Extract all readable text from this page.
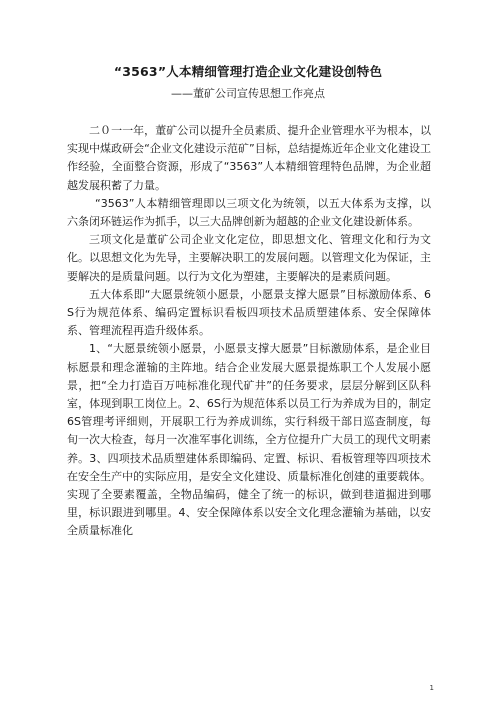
“3563”人本精细管理打造企业文化建设创特色

——董矿公司宣传思想工作亮点

二０一一年，董矿公司以提升全员素质、提升企业管理水平为根本，以实现中煤政研会“企业文化建设示范矿”目标，总结提炼近年企业文化建设工作经验，全面整合资源，形成了“3563”人本精细管理特色品牌，为企业超越发展积蓄了力量。

“3563”人本精细管理即以三项文化为统领，以五大体系为支撑，以六条闭环链运作为抓手，以三大品牌创新为超越的企业文化建设新体系。

三项文化是董矿公司企业文化定位，即思想文化、管理文化和行为文化。以思想文化为先导，主要解决职工的发展问题。以管理文化为保证，主要解决的是质量问题。以行为文化为塑建，主要解决的是素质问题。

五大体系即“大愿景统领小愿景，小愿景支撑大愿景”目标激励体系、6S行为规范体系、编码定置标识看板四项技术品质塑建体系、安全保障体系、管理流程再造升级体系。

1、“大愿景统领小愿景，小愿景支撑大愿景”目标激励体系，是企业目标愿景和理念灌输的主阵地。结合企业发展大愿景提炼职工个人发展小愿景，把“全力打造百万吨标准化现代矿井”的任务要求，层层分解到区队科室，体现到职工岗位上。2、6S行为规范体系以员工行为养成为目的，制定6S管理考评细则，开展职工行为养成训练，实行科级干部日巡查制度，每旬一次大检查，每月一次准军事化训练，全方位提升广大员工的现代文明素养。3、四项技术品质塑建体系即编码、定置、标识、看板管理等四项技术在安全生产中的实际应用，是安全文化建设、质量标准化创建的重要载体。实现了全要素覆盖，全物品编码，健全了统一的标识，做到巷道掘进到哪里，标识跟进到哪里。4、安全保障体系以安全文化理念灌输为基础，以安全质量标准化

1
